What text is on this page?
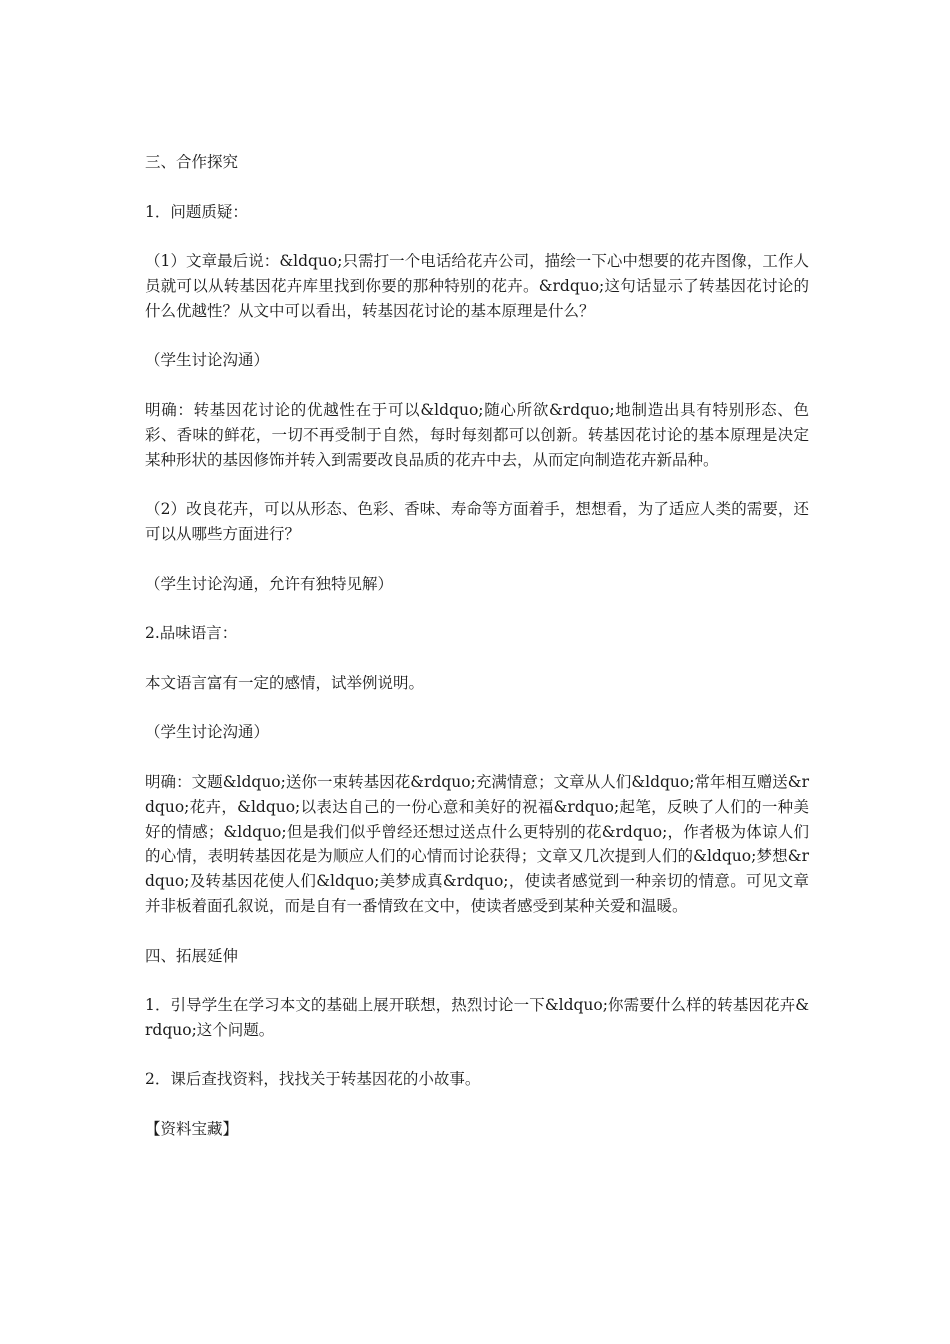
三、合作探究

1．问题质疑：

（1）文章最后说：&ldquo;只需打一个电话给花卉公司，描绘一下心中想要的花卉图像，工作人员就可以从转基因花卉库里找到你要的那种特别的花卉。&rdquo;这句话显示了转基因花讨论的什么优越性？从文中可以看出，转基因花讨论的基本原理是什么？

（学生讨论沟通）

明确：转基因花讨论的优越性在于可以&ldquo;随心所欲&rdquo;地制造出具有特别形态、色彩、香味的鲜花，一切不再受制于自然，每时每刻都可以创新。转基因花讨论的基本原理是决定某种形状的基因修饰并转入到需要改良品质的花卉中去，从而定向制造花卉新品种。

（2）改良花卉，可以从形态、色彩、香味、寿命等方面着手，想想看，为了适应人类的需要，还可以从哪些方面进行？

（学生讨论沟通，允许有独特见解）

2.品味语言：

本文语言富有一定的感情，试举例说明。

（学生讨论沟通）

明确：文题&ldquo;送你一束转基因花&rdquo;充满情意；文章从人们&ldquo;常年相互赠送&rdquo;花卉，&ldquo;以表达自己的一份心意和美好的祝福&rdquo;起笔，反映了人们的一种美好的情感；&ldquo;但是我们似乎曾经还想过送点什么更特别的花&rdquo;，作者极为体谅人们的心情，表明转基因花是为顺应人们的心情而讨论获得；文章又几次提到人们的&ldquo;梦想&rdquo;及转基因花使人们&ldquo;美梦成真&rdquo;，使读者感觉到一种亲切的情意。可见文章并非板着面孔叙说，而是自有一番情致在文中，使读者感受到某种关爱和温暖。

四、拓展延伸

1．引导学生在学习本文的基础上展开联想，热烈讨论一下&ldquo;你需要什么样的转基因花卉&rdquo;这个问题。

2．课后查找资料，找找关于转基因花的小故事。

【资料宝藏】
